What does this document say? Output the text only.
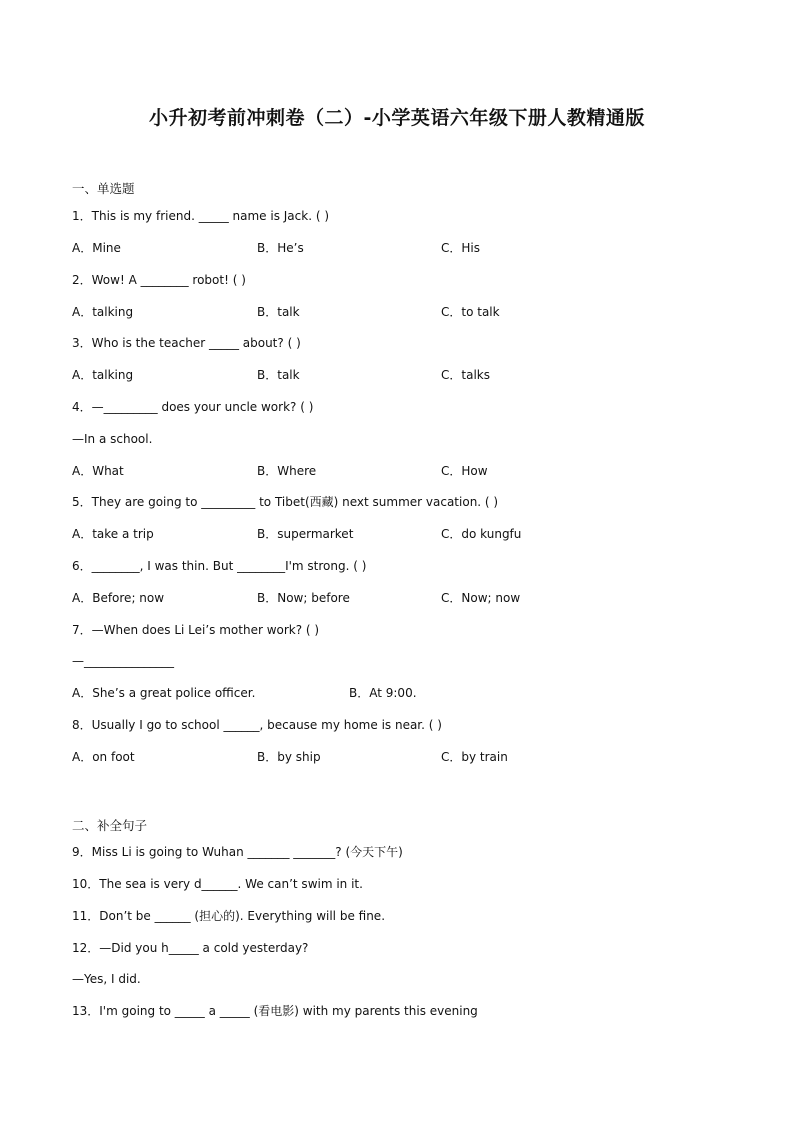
小升初考前冲刺卷（二）-小学英语六年级下册人教精通版
一、单选题
1．This is my friend. _____ name is Jack. ( )
A．Mine	B．He’s	C．His
2．Wow! A ________ robot! ( )
A．talking	B．talk	C．to talk
3．Who is the teacher _____ about? ( )
A．talking	B．talk	C．talks
4．—_________ does your uncle work? ( )
—In a school.
A．What	B．Where	C．How
5．They are going to _________ to Tibet(西藏) next summer vacation. ( )
A．take a trip	B．supermarket	C．do kungfu
6．________, I was thin. But ________I'm strong. ( )
A．Before; now	B．Now; before	C．Now; now
7．—When does Li Lei’s mother work? ( )
—_______________
A．She’s a great police officer.	B．At 9:00.
8．Usually I go to school ______, because my home is near. ( )
A．on foot	B．by ship	C．by train
二、补全句子
9．Miss Li is going to Wuhan _______ _______? (今天下午)
10．The sea is very d______. We can’t swim in it.
11．Don’t be ______ (担心的). Everything will be fine.
12．—Did you h_____ a cold yesterday?
—Yes, I did.
13．I'm going to _____ a _____ (看电影) with my parents this evening
